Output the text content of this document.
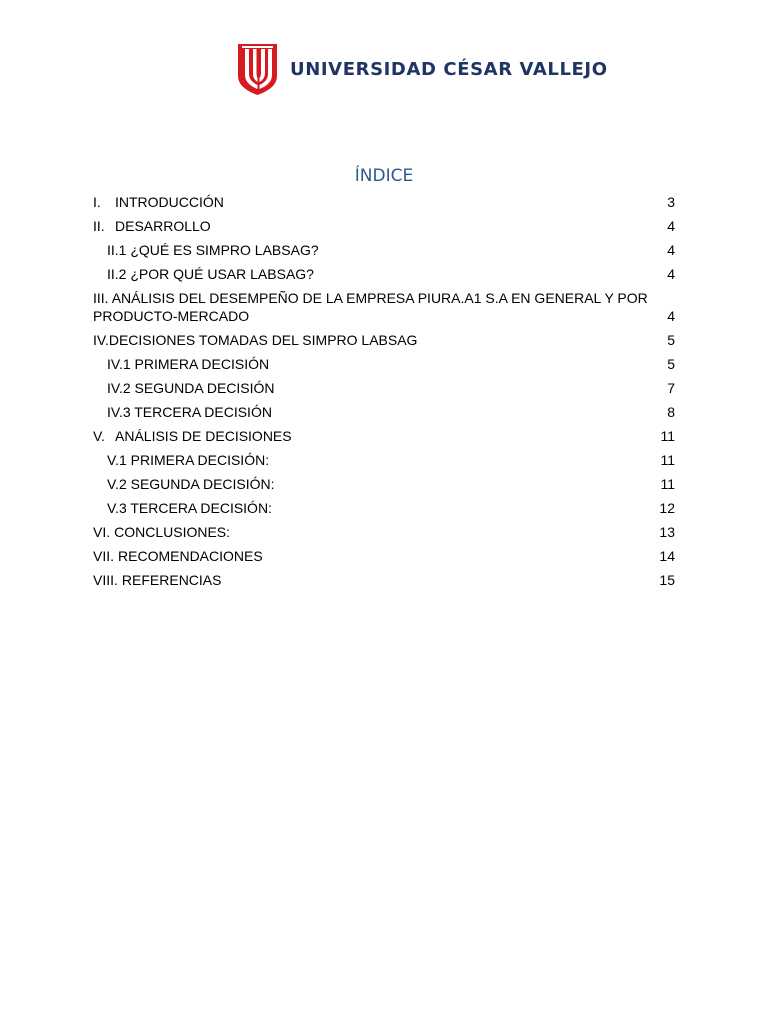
UNIVERSIDAD CÉSAR VALLEJO
ÍNDICE
I.	INTRODUCCIÓN	3
II. DESARROLLO	4
II.1 ¿QUÉ ES SIMPRO LABSAG?	4
II.2 ¿POR QUÉ USAR LABSAG?	4
III. ANÁLISIS DEL DESEMPEÑO DE LA EMPRESA PIURA.A1 S.A EN GENERAL Y POR PRODUCTO-MERCADO	4
IV. DECISIONES TOMADAS DEL SIMPRO LABSAG	5
IV.1 PRIMERA DECISIÓN	5
IV.2 SEGUNDA DECISIÓN	7
IV.3 TERCERA DECISIÓN	8
V. ANÁLISIS DE DECISIONES	11
V.1 PRIMERA DECISIÓN:	11
V.2 SEGUNDA DECISIÓN:	11
V.3 TERCERA DECISIÓN:	12
VI. CONCLUSIONES:	13
VII. RECOMENDACIONES	14
VIII. REFERENCIAS	15
